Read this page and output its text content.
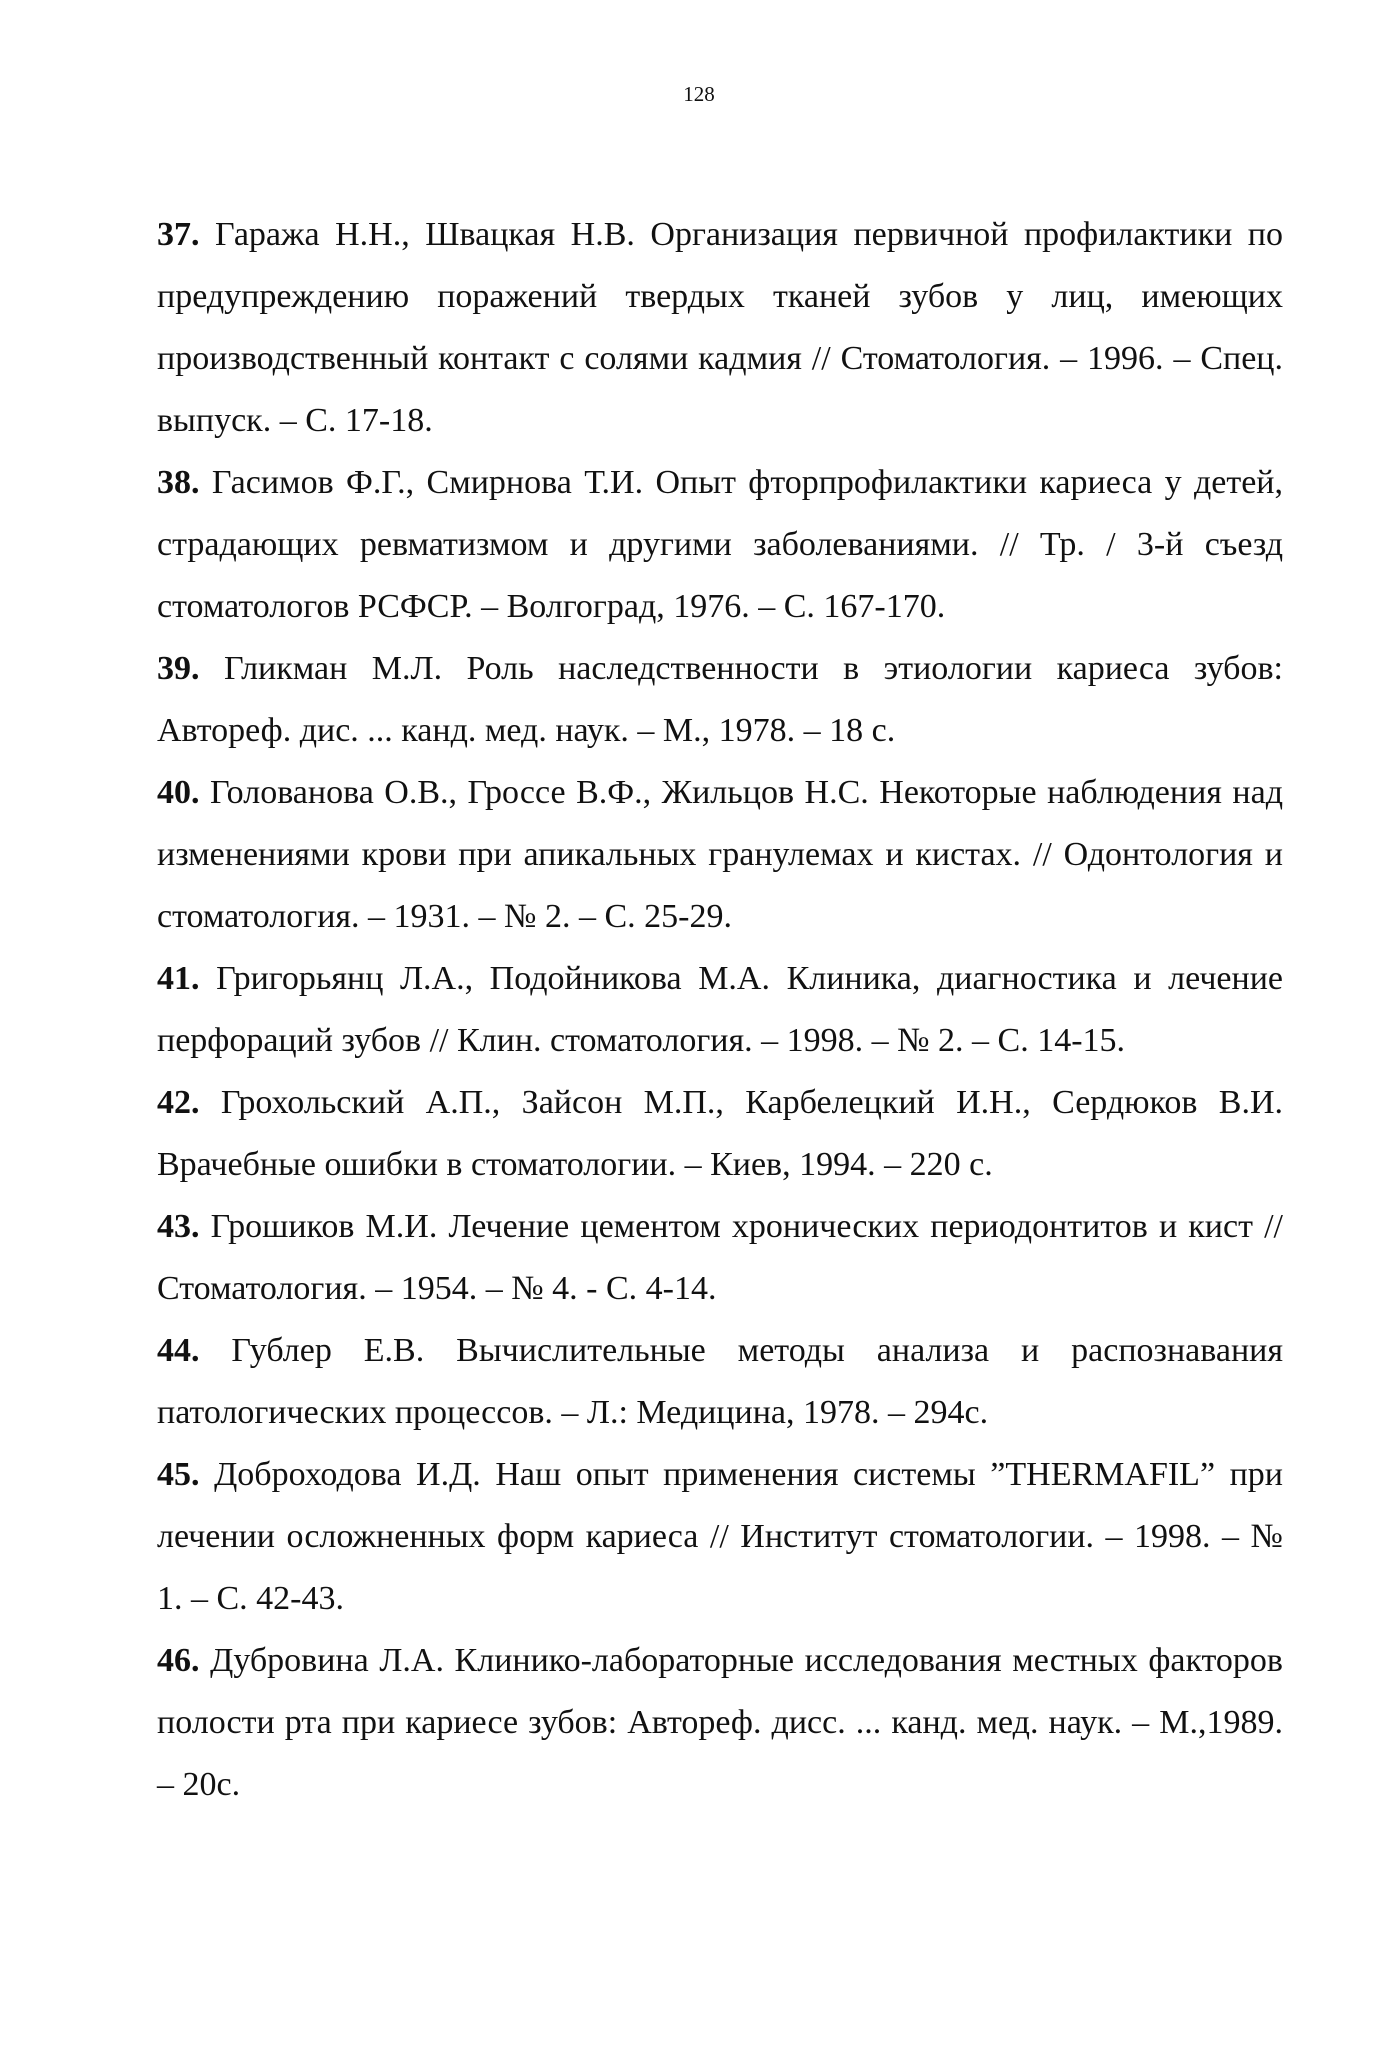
128

37. Гаража Н.Н., Швацкая Н.В. Организация первичной профилактики по предупреждению поражений твердых тканей зубов у лиц, имеющих производственный контакт с солями кадмия // Стоматология. – 1996. – Спец. выпуск. – С. 17-18.

38. Гасимов Ф.Г., Смирнова Т.И. Опыт фторпрофилактики кариеса у детей, страдающих ревматизмом и другими заболеваниями. // Тр. / 3-й съезд стоматологов РСФСР. – Волгоград, 1976. – С. 167-170.

39. Гликман М.Л. Роль наследственности в этиологии кариеса зубов: Автореф. дис. ... канд. мед. наук. – М., 1978. – 18 с.

40. Голованова О.В., Гроссе В.Ф., Жильцов Н.С. Некоторые наблюдения над изменениями крови при апикальных гранулемах и кистах. // Одонтология и стоматология. – 1931. – № 2. – С. 25-29.

41. Григорьянц Л.А., Подойникова М.А. Клиника, диагностика и лечение перфораций зубов // Клин. стоматология. – 1998. – № 2. – С. 14-15.

42. Грохольский А.П., Зайсон М.П., Карбелецкий И.Н., Сердюков В.И. Врачебные ошибки в стоматологии. – Киев, 1994. – 220 с.

43. Грошиков М.И. Лечение цементом хронических периодонтитов и кист // Стоматология. – 1954. – № 4. - С. 4-14.

44. Гублер Е.В. Вычислительные методы анализа и распознавания патологических процессов. – Л.: Медицина, 1978. – 294с.

45. Доброходова И.Д. Наш опыт применения системы ”THERMAFIL” при лечении осложненных форм кариеса // Институт стоматологии. – 1998. – № 1. – С. 42-43.

46. Дубровина Л.А. Клинико-лабораторные исследования местных факторов полости рта при кариесе зубов: Автореф. дисс. ... канд. мед. наук. – М.,1989. – 20с.
